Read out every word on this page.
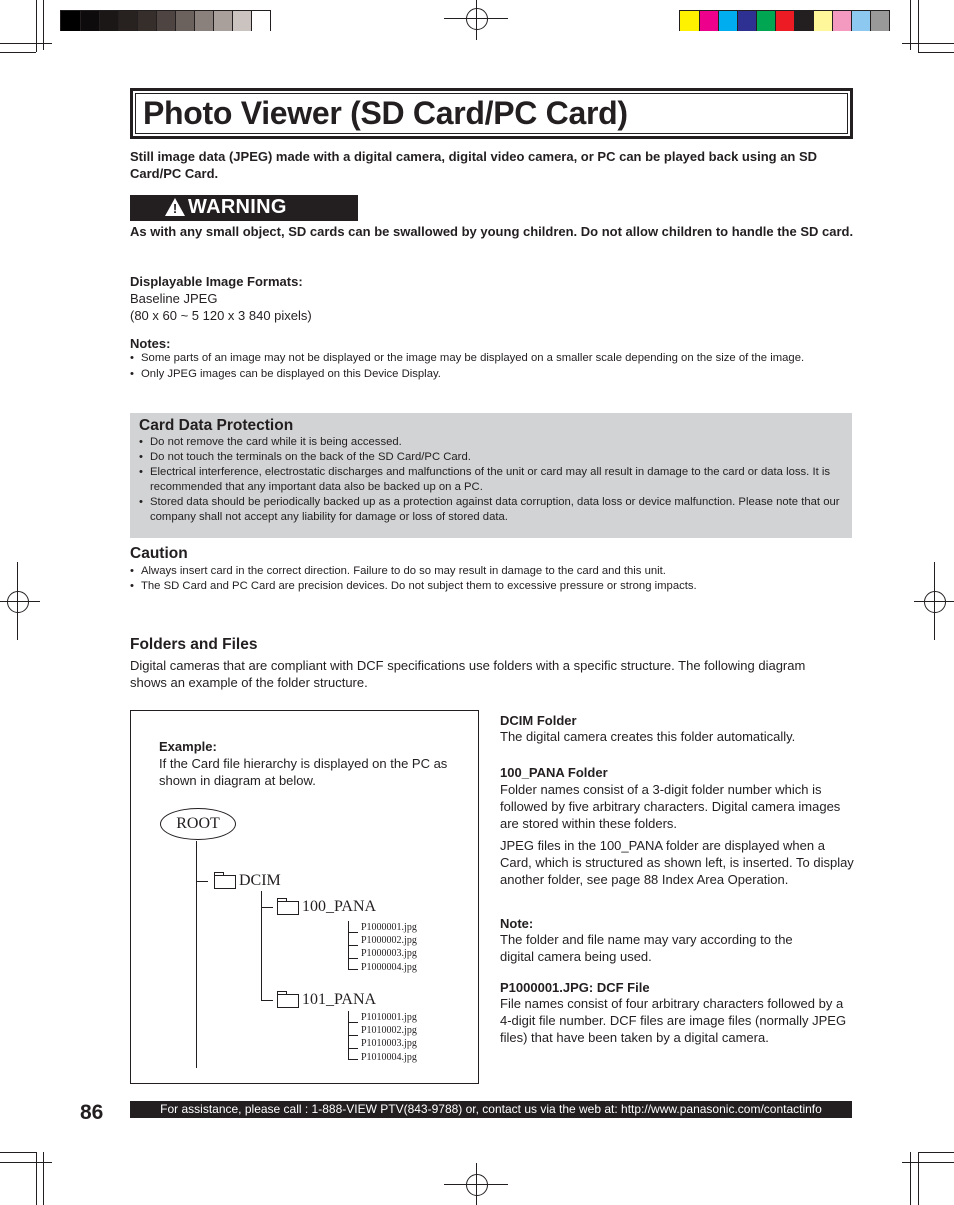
Photo Viewer (SD Card/PC Card)

Still image data (JPEG) made with a digital camera, digital video camera, or PC can be played back using an SD Card/PC Card.

! WARNING

As with any small object, SD cards can be swallowed by young children. Do not allow children to handle the SD card.

Displayable Image Formats:

Baseline JPEG

(80 x 60 ~ 5 120 x 3 840 pixels)

Notes:

• Some parts of an image may not be displayed or the image may be displayed on a smaller scale depending on the size of the image.
• Only JPEG images can be displayed on this Device Display.

Card Data Protection

• Do not remove the card while it is being accessed.
• Do not touch the terminals on the back of the SD Card/PC Card.
• Electrical interference, electrostatic discharges and malfunctions of the unit or card may all result in damage to the card or data loss. It is recommended that any important data also be backed up on a PC.
• Stored data should be periodically backed up as a protection against data corruption, data loss or device malfunction. Please note that our company shall not accept any liability for damage or loss of stored data.

Caution

• Always insert card in the correct direction. Failure to do so may result in damage to the card and this unit.
• The SD Card and PC Card are precision devices. Do not subject them to excessive pressure or strong impacts.

Folders and Files

Digital cameras that are compliant with DCF specifications use folders with a specific structure. The following diagram shows an example of the folder structure.

Example:

If the Card file hierarchy is displayed on the PC as shown in diagram at below.

ROOT
DCIM
100_PANA
101_PANA
P1000001.jpg
P1000002.jpg
P1000003.jpg
P1000004.jpg
P1010001.jpg
P1010002.jpg
P1010003.jpg
P1010004.jpg

DCIM Folder

The digital camera creates this folder automatically.

100_PANA Folder

Folder names consist of a 3-digit folder number which is followed by five arbitrary characters. Digital camera images are stored within these folders.

JPEG files in the 100_PANA folder are displayed when a Card, which is structured as shown left, is inserted. To display another folder, see page 88 Index Area Operation.

Note:

The folder and file name may vary according to the digital camera being used.

P1000001.JPG: DCF File

File names consist of four arbitrary characters followed by a 4-digit file number. DCF files are image files (normally JPEG files) that have been taken by a digital camera.

86	For assistance, please call : 1-888-VIEW PTV(843-9788) or, contact us via the web at: http://www.panasonic.com/contactinfo
